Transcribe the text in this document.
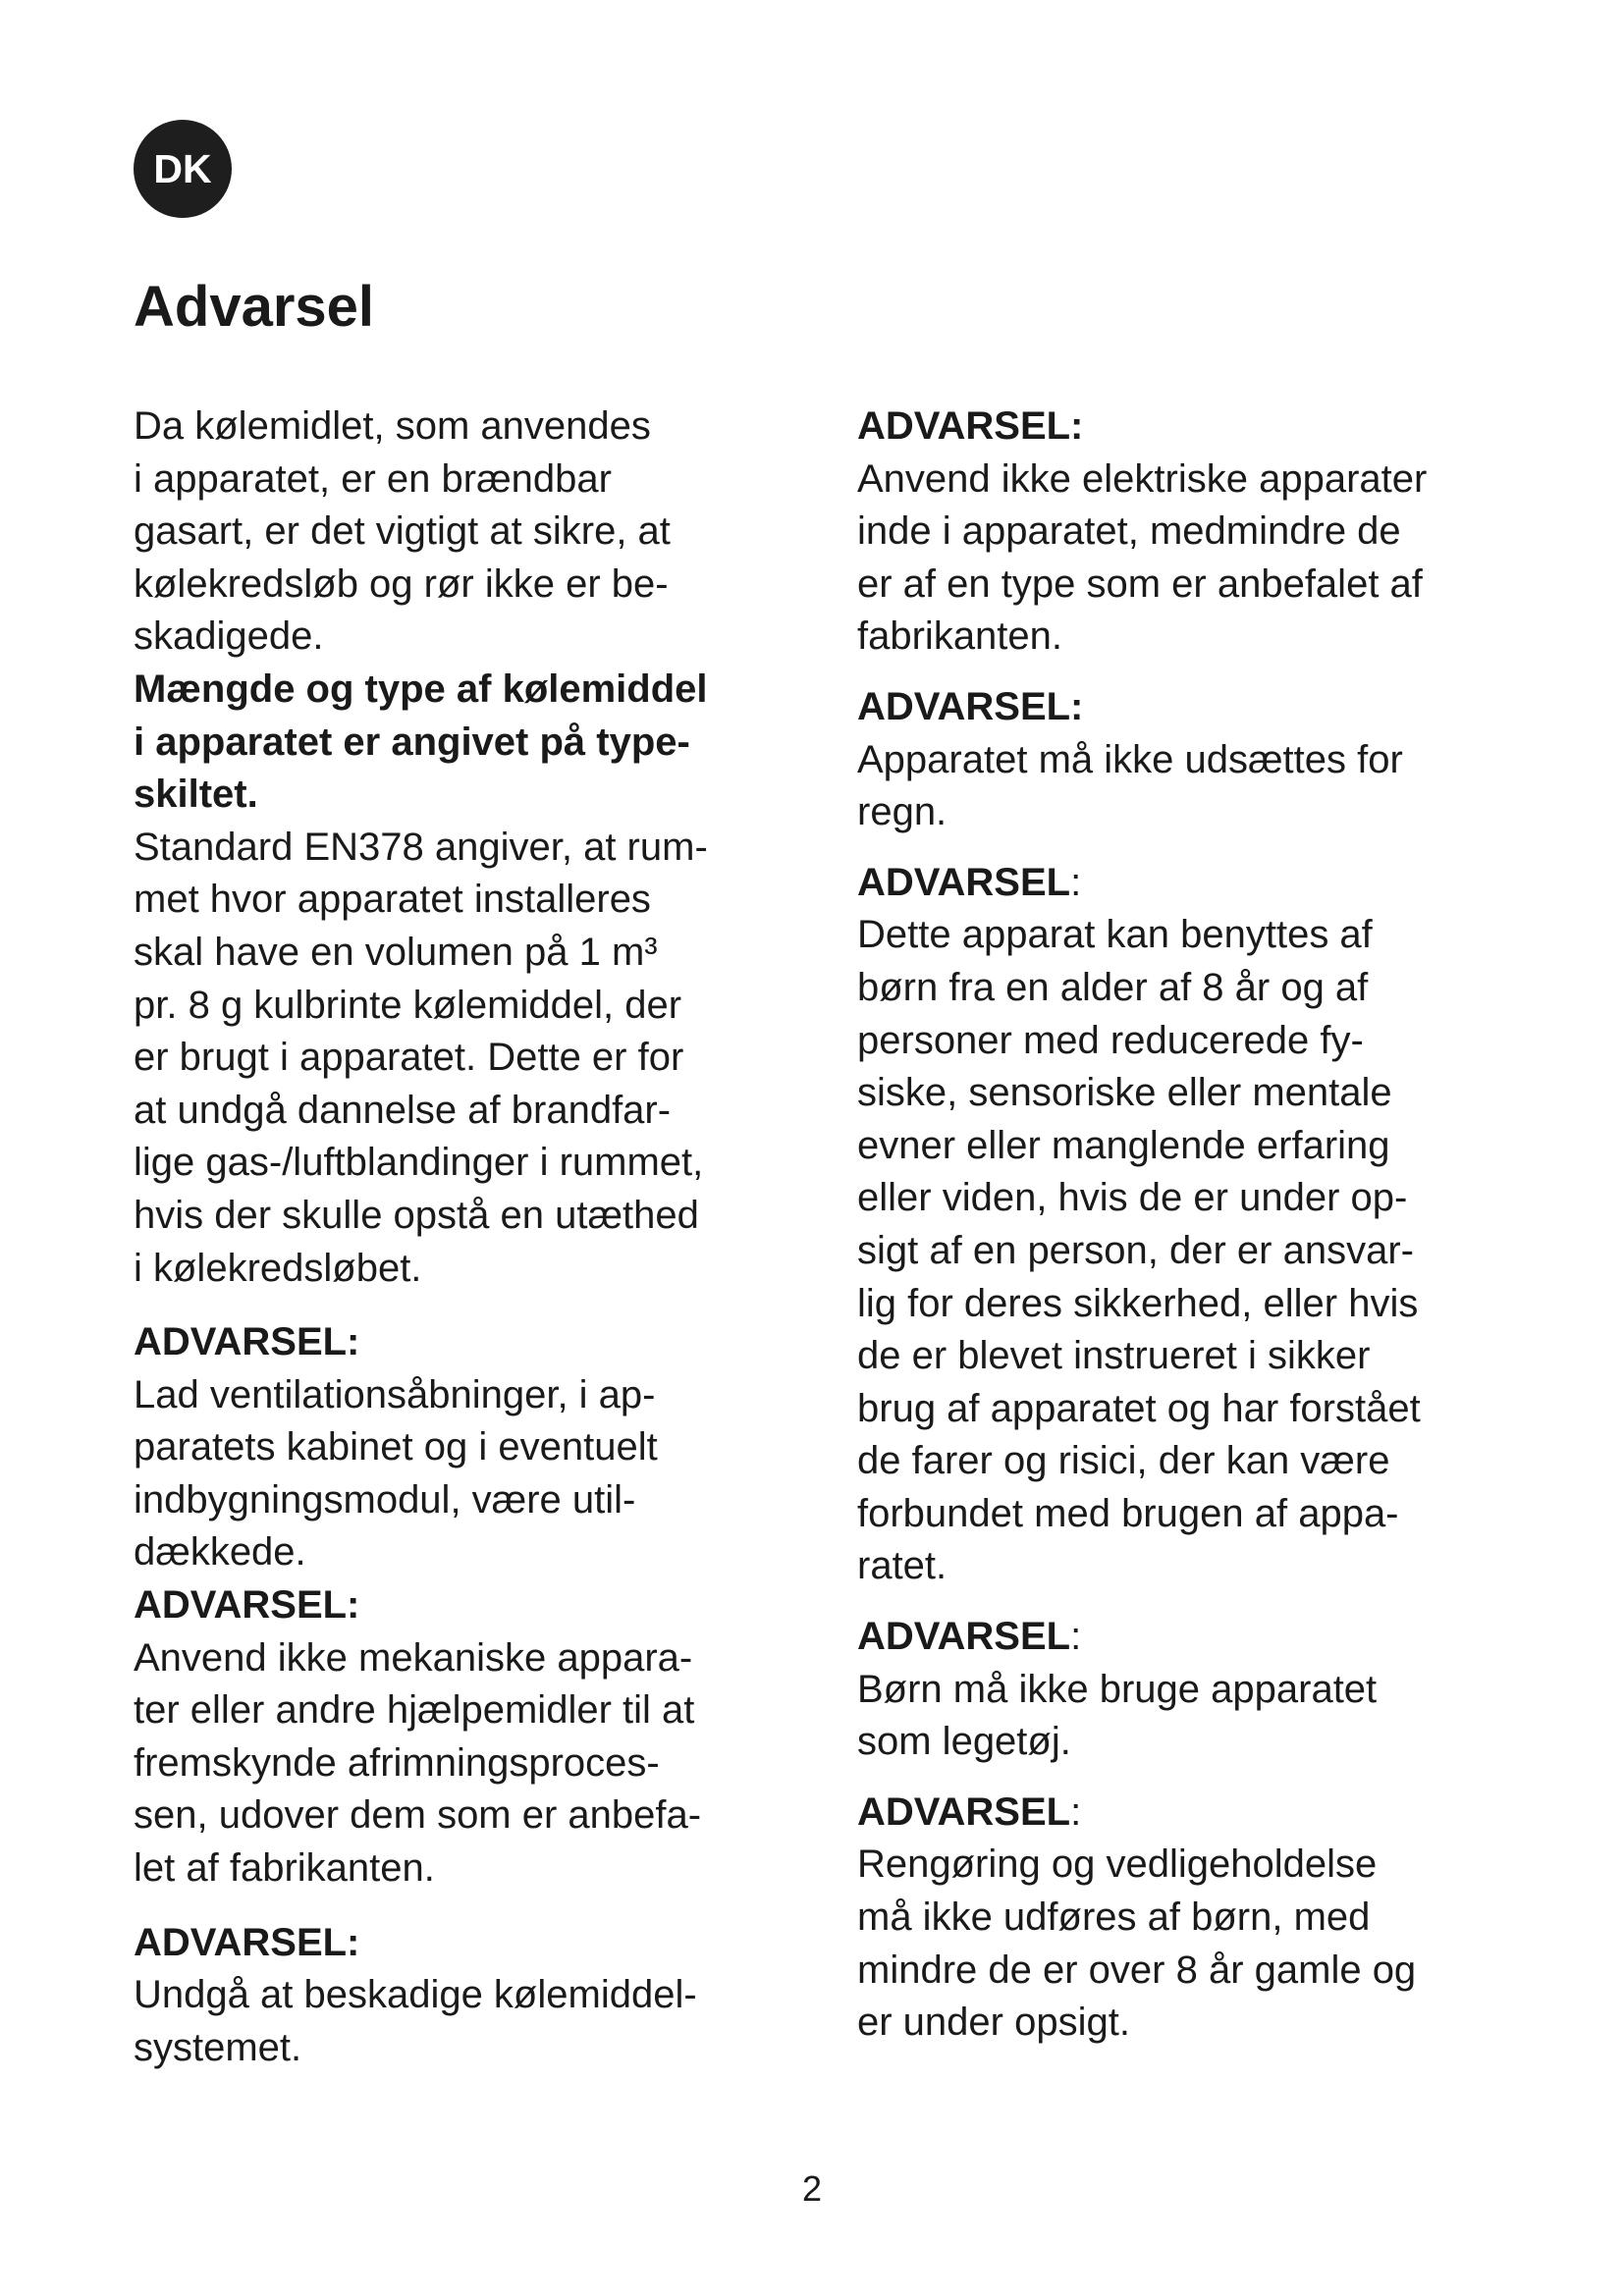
DK
Advarsel

Da kølemidlet, som anvendes
i apparatet, er en brændbar
gasart, er det vigtigt at sikre, at
kølekredsløb og rør ikke er be-
skadigede.

Mængde og type af kølemiddel
i apparatet er angivet på type-
skiltet.

Standard EN378 angiver, at rum-
met hvor apparatet installeres
skal have en volumen på 1 m³
pr. 8 g kulbrinte kølemiddel, der
er brugt i apparatet. Dette er for
at undgå dannelse af brandfar-
lige gas-/luftblandinger i rummet,
hvis der skulle opstå en utæthed
i kølekredsløbet.

ADVARSEL:

Lad ventilationsåbninger, i ap-
paratets kabinet og i eventuelt
indbygningsmodul, være util-
dækkede.

ADVARSEL:

Anvend ikke mekaniske appara-
ter eller andre hjælpemidler til at
fremskynde afrimningsproces-
sen, udover dem som er anbefa-
let af fabrikanten.

ADVARSEL:

Undgå at beskadige kølemiddel-
systemet.

ADVARSEL:

Anvend ikke elektriske apparater
inde i apparatet, medmindre de
er af en type som er anbefalet af
fabrikanten.

ADVARSEL:

Apparatet må ikke udsættes for
regn.

ADVARSEL:

Dette apparat kan benyttes af
børn fra en alder af 8 år og af
personer med reducerede fy-
siske, sensoriske eller mentale
evner eller manglende erfaring
eller viden, hvis de er under op-
sigt af en person, der er ansvar-
lig for deres sikkerhed, eller hvis
de er blevet instrueret i sikker
brug af apparatet og har forstået
de farer og risici, der kan være
forbundet med brugen af appa-
ratet.

ADVARSEL:

Børn må ikke bruge apparatet
som legetøj.

ADVARSEL:

Rengøring og vedligeholdelse
må ikke udføres af børn, med
mindre de er over 8 år gamle og
er under opsigt.

2
